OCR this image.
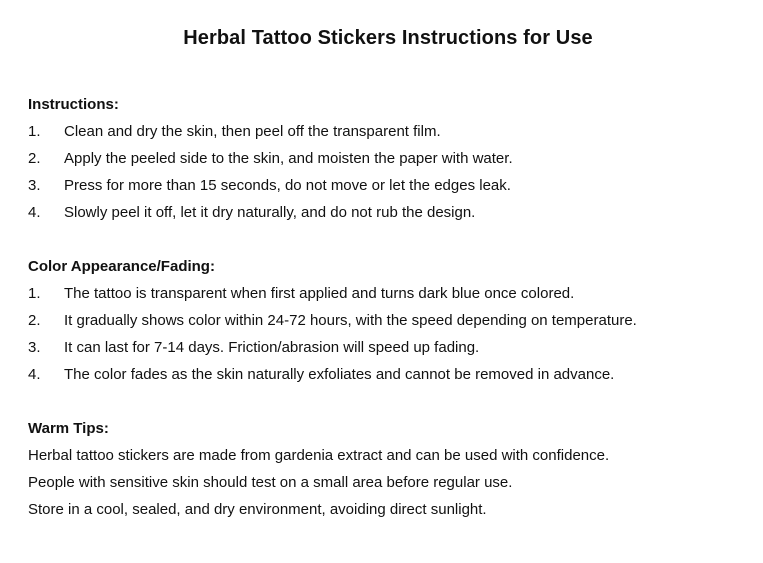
Herbal Tattoo Stickers Instructions for Use
Instructions:
1. Clean and dry the skin, then peel off the transparent film.
2. Apply the peeled side to the skin, and moisten the paper with water.
3. Press for more than 15 seconds, do not move or let the edges leak.
4. Slowly peel it off, let it dry naturally, and do not rub the design.
Color Appearance/Fading:
1. The tattoo is transparent when first applied and turns dark blue once colored.
2. It gradually shows color within 24-72 hours, with the speed depending on temperature.
3. It can last for 7-14 days. Friction/abrasion will speed up fading.
4. The color fades as the skin naturally exfoliates and cannot be removed in advance.
Warm Tips:
Herbal tattoo stickers are made from gardenia extract and can be used with confidence.
People with sensitive skin should test on a small area before regular use.
Store in a cool, sealed, and dry environment, avoiding direct sunlight.
